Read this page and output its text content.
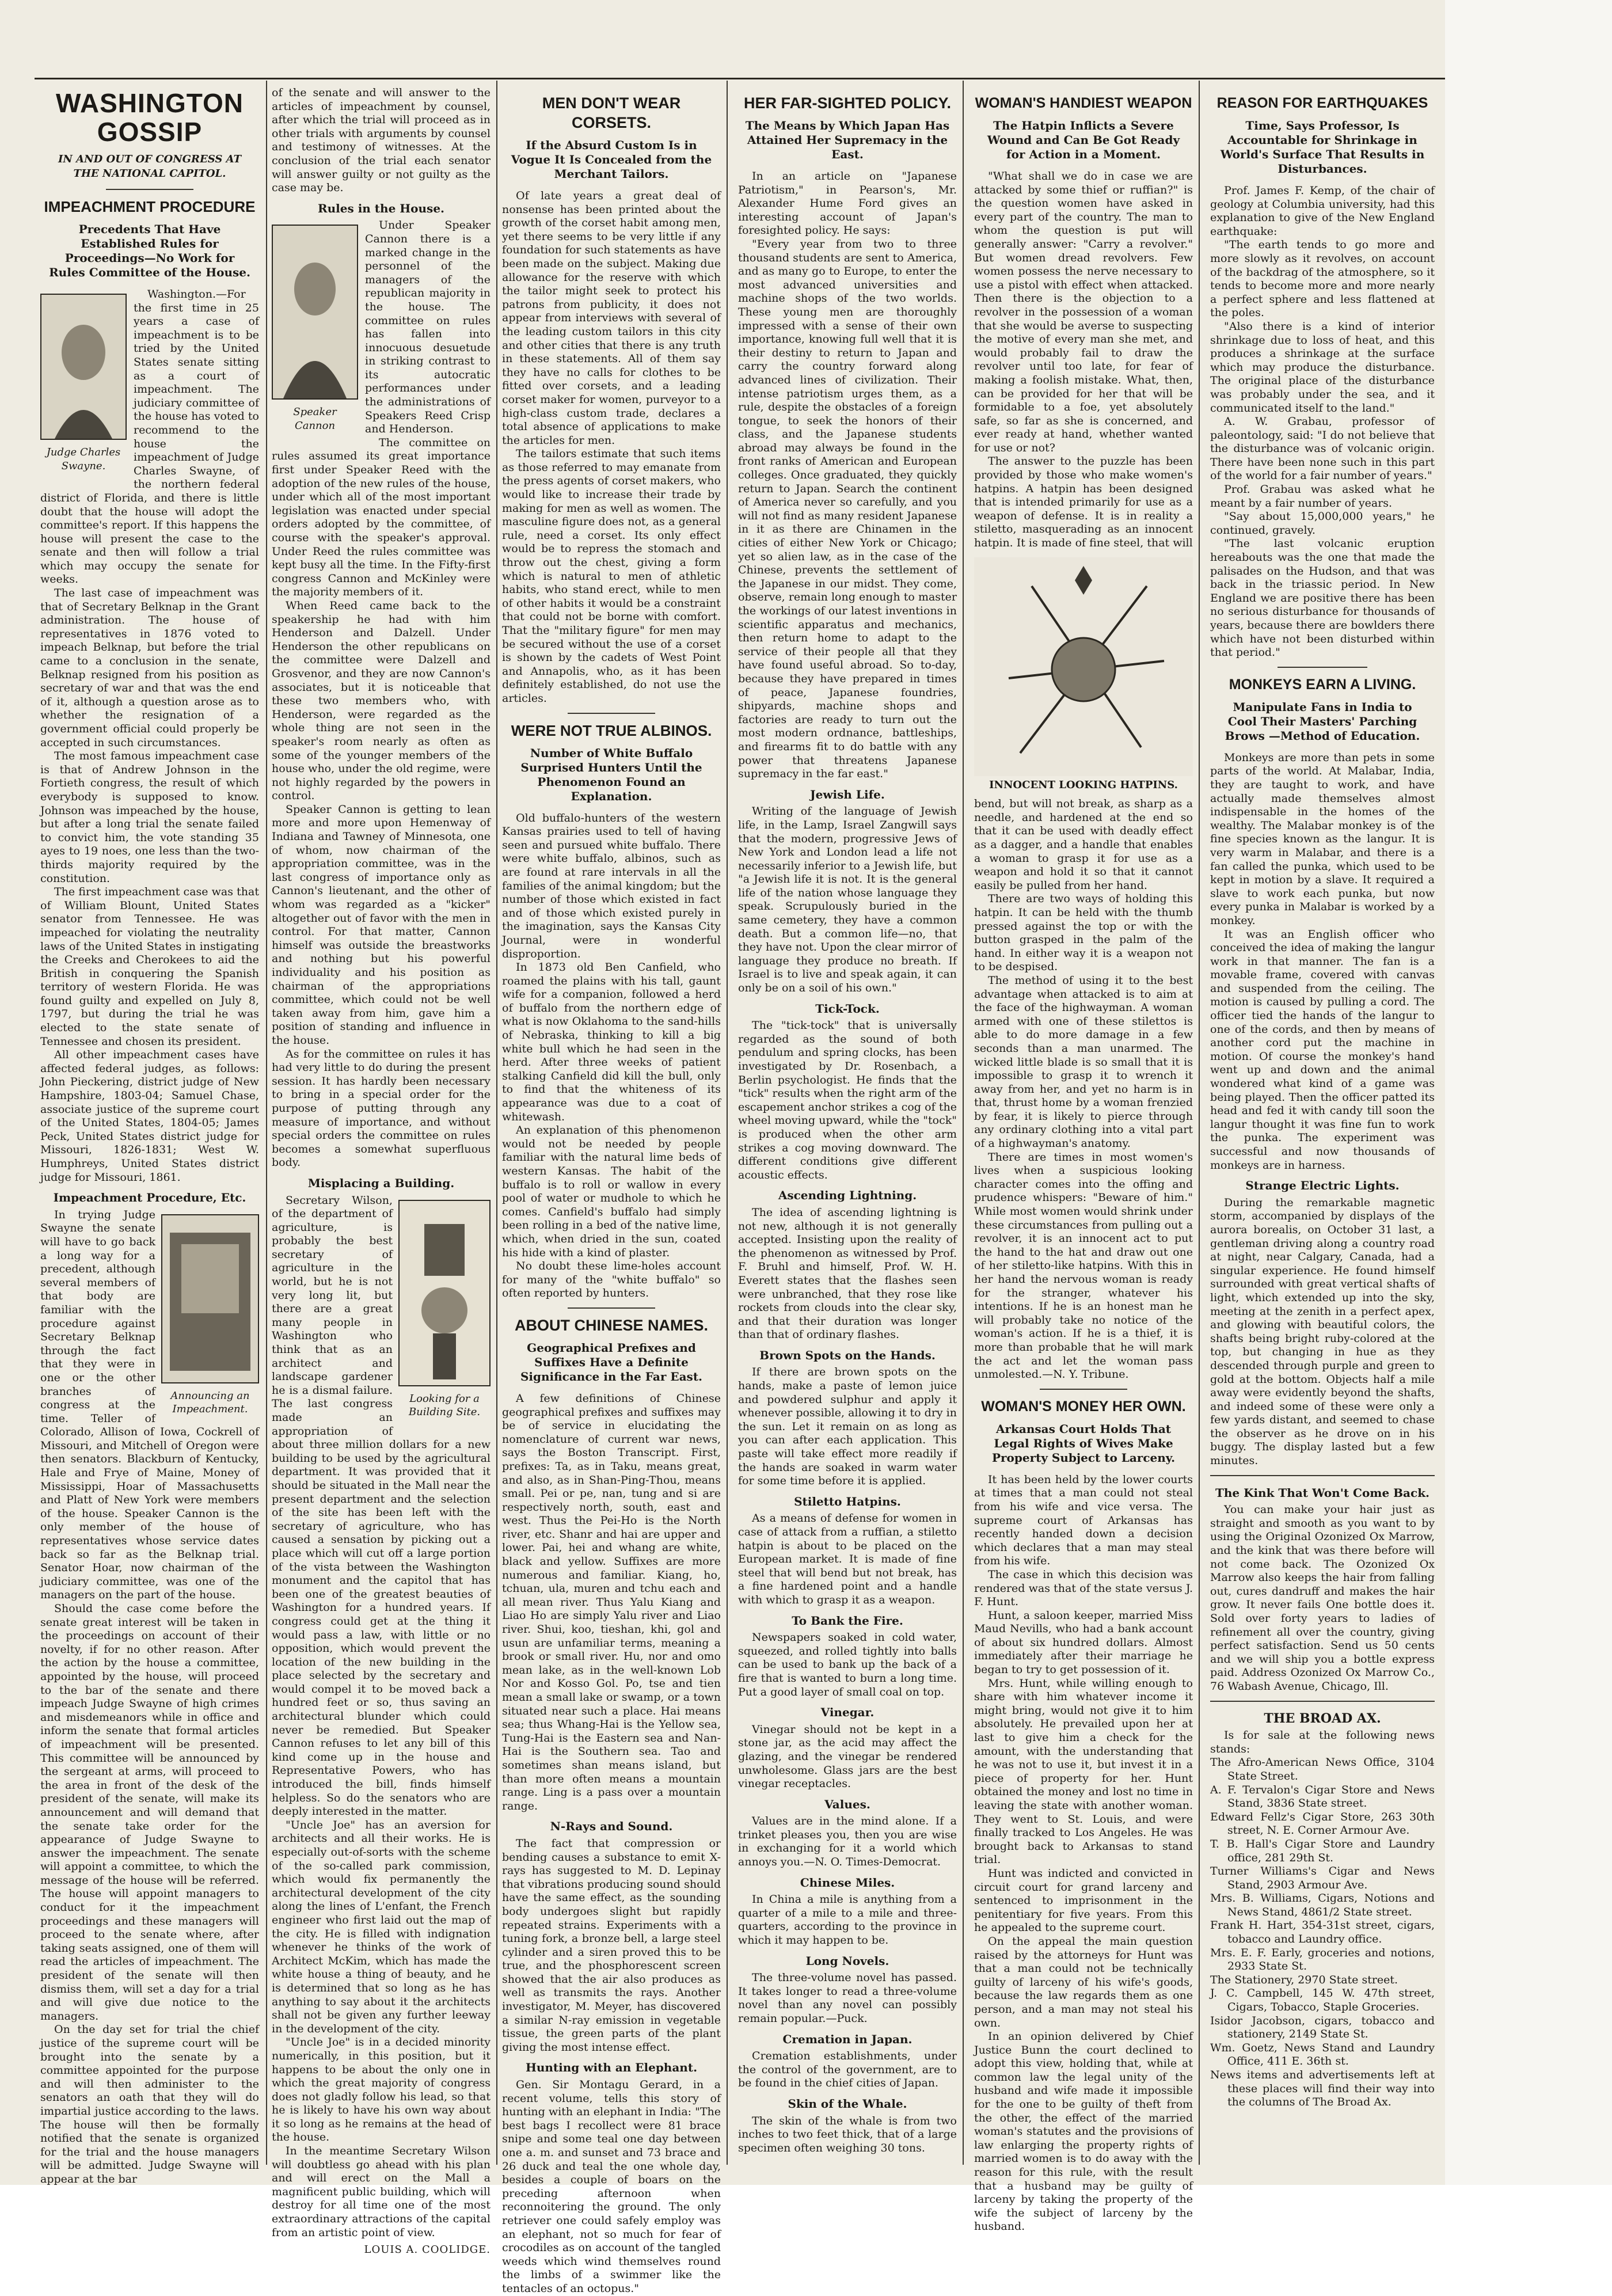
WASHINGTON GOSSIP
IN AND OUT OF CONGRESS AT THE NATIONAL CAPITOL.
IMPEACHMENT PROCEDURE
Precedents That Have Established Rules for Proceedings—No Work for Rules Committee of the House.
Judge Charles Swayne.

Washington.—For the first time in 25 years a case of impeachment is to be tried by the United States senate sitting as a court of impeachment. The judiciary committee of the house has voted to recommend to the house the impeachment of Judge Charles Swayne, of the northern federal district of Florida, and there is little doubt that the house will adopt the committee's report. If this happens the house will present the case to the senate and then will follow a trial which may occupy the senate for weeks.

The last case of impeachment was that of Secretary Belknap in the Grant administration. The house of representatives in 1876 voted to impeach Belknap, but before the trial came to a conclusion in the senate, Belknap resigned from his position as secretary of war and that was the end of it, although a question arose as to whether the resignation of a government official could properly be accepted in such circumstances.

The most famous impeachment case is that of Andrew Johnson in the Fortieth congress, the result of which everybody is supposed to know. Johnson was impeached by the house, but after a long trial the senate failed to convict him, the vote standing 35 ayes to 19 noes, one less than the two-thirds majority required by the constitution.

The first impeachment case was that of William Blount, United States senator from Tennessee. He was impeached for violating the neutrality laws of the United States in instigating the Creeks and Cherokees to aid the British in conquering the Spanish territory of western Florida. He was found guilty and expelled on July 8, 1797, but during the trial he was elected to the state senate of Tennessee and chosen its president.

All other impeachment cases have affected federal judges, as follows: John Pieckering, district judge of New Hampshire, 1803-04; Samuel Chase, associate justice of the supreme court of the United States, 1804-05; James Peck, United States district judge for Missouri, 1826-1831; West W. Humphreys, United States district judge for Missouri, 1861.

Impeachment Procedure, Etc.
Announcing an Impeachment.

In trying Judge Swayne the senate will have to go back a long way for a precedent, although several members of that body are familiar with the procedure against Secretary Belknap through the fact that they were in one or the other branches of congress at the time. Teller of Colorado, Allison of Iowa, Cockrell of Missouri, and Mitchell of Oregon were then senators. Blackburn of Kentucky, Hale and Frye of Maine, Money of Mississippi, Hoar of Massachusetts and Platt of New York were members of the house. Speaker Cannon is the only member of the house of representatives whose service dates back so far as the Belknap trial. Senator Hoar, now chairman of the judiciary committee, was one of the managers on the part of the house.

Should the case come before the senate great interest will be taken in the proceedings on account of their novelty, if for no other reason. After the action by the house a committee, appointed by the house, will proceed to the bar of the senate and there impeach Judge Swayne of high crimes and misdemeanors while in office and inform the senate that formal articles of impeachment will be presented. This committee will be announced by the sergeant at arms, will proceed to the area in front of the desk of the president of the senate, will make its announcement and will demand that the senate take order for the appearance of Judge Swayne to answer the impeachment. The senate will appoint a committee, to which the message of the house will be referred. The house will appoint managers to conduct for it the impeachment proceedings and these managers will proceed to the senate where, after taking seats assigned, one of them will read the articles of impeachment. The president of the senate will then dismiss them, will set a day for a trial and will give due notice to the managers.

On the day set for trial the chief justice of the supreme court will be brought into the senate by a committee appointed for the purpose and will then administer to the senators an oath that they will do impartial justice according to the laws. The house will then be formally notified that the senate is organized for the trial and the house managers will be admitted. Judge Swayne will appear at the bar

of the senate and will answer to the articles of impeachment by counsel, after which the trial will proceed as in other trials with arguments by counsel and testimony of witnesses. At the conclusion of the trial each senator will answer guilty or not guilty as the case may be.

Rules in the House.
Speaker Cannon

Under Speaker Cannon there is a marked change in the personnel of the managers of the republican majority in the house. The committee on rules has fallen into innocuous desuetude in striking contrast to its autocratic performances under the administrations of Speakers Reed Crisp and Henderson.

The committee on rules assumed its great importance first under Speaker Reed with the adoption of the new rules of the house, under which all of the most important legislation was enacted under special orders adopted by the committee, of course with the speaker's approval. Under Reed the rules committee was kept busy all the time. In the Fifty-first congress Cannon and McKinley were the majority members of it.

When Reed came back to the speakership he had with him Henderson and Dalzell. Under Henderson the other republicans on the committee were Dalzell and Grosvenor, and they are now Cannon's associates, but it is noticeable that these two members who, with Henderson, were regarded as the whole thing are not seen in the speaker's room nearly as often as some of the younger members of the house who, under the old regime, were not highly regarded by the powers in control.

Speaker Cannon is getting to lean more and more upon Hemenway of Indiana and Tawney of Minnesota, one of whom, now chairman of the appropriation committee, was in the last congress of importance only as Cannon's lieutenant, and the other of whom was regarded as a "kicker" altogether out of favor with the men in control. For that matter, Cannon himself was outside the breastworks and nothing but his powerful individuality and his position as chairman of the appropriations committee, which could not be well taken away from him, gave him a position of standing and influence in the house.

As for the committee on rules it has had very little to do during the present session. It has hardly been necessary to bring in a special order for the purpose of putting through any measure of importance, and without special orders the committee on rules becomes a somewhat superfluous body.

Misplacing a Building.
Looking for a Building Site.

Secretary Wilson, of the department of agriculture, is probably the best secretary of agriculture in the world, but he is not very long lit, but there are a great many people in Washington who think that as an architect and landscape gardener he is a dismal failure. The last congress made an appropriation of about three million dollars for a new building to be used by the agricultural department. It was provided that it should be situated in the Mall near the present department and the selection of the site has been left with the secretary of agriculture, who has caused a sensation by picking out a place which will cut off a large portion of the vista between the Washington monument and the capitol that has been one of the greatest beauties of Washington for a hundred years. If congress could get at the thing it would pass a law, with little or no opposition, which would prevent the location of the new building in the place selected by the secretary and would compel it to be moved back a hundred feet or so, thus saving an architectural blunder which could never be remedied. But Speaker Cannon refuses to let any bill of this kind come up in the house and Representative Powers, who has introduced the bill, finds himself helpless. So do the senators who are deeply interested in the matter.

"Uncle Joe" has an aversion for architects and all their works. He is especially out-of-sorts with the scheme of the so-called park commission, which would fix permanently the architectural development of the city along the lines of L'enfant, the French engineer who first laid out the map of the city. He is filled with indignation whenever he thinks of the work of Architect McKim, which has made the white house a thing of beauty, and he is determined that so long as he has anything to say about it the architects shall not be given any further leeway in the development of the city.

"Uncle Joe" is in a decided minority numerically, in this position, but it happens to be about the only one in which the great majority of congress does not gladly follow his lead, so that he is likely to have his own way about it so long as he remains at the head of the house.

In the meantime Secretary Wilson will doubtless go ahead with his plan and will erect on the Mall a magnificent public building, which will destroy for all time one of the most extraordinary attractions of the capital from an artistic point of view.

LOUIS A. COOLIDGE.
MEN DON'T WEAR CORSETS.
If the Absurd Custom Is in Vogue It Is Concealed from the Merchant Tailors.

Of late years a great deal of nonsense has been printed about the growth of the corset habit among men, yet there seems to be very little if any foundation for such statements as have been made on the subject. Making due allowance for the reserve with which the tailor might seek to protect his patrons from publicity, it does not appear from interviews with several of the leading custom tailors in this city and other cities that there is any truth in these statements. All of them say they have no calls for clothes to be fitted over corsets, and a leading corset maker for women, purveyor to a high-class custom trade, declares a total absence of applications to make the articles for men.

The tailors estimate that such items as those referred to may emanate from the press agents of corset makers, who would like to increase their trade by making for men as well as women. The masculine figure does not, as a general rule, need a corset. Its only effect would be to repress the stomach and throw out the chest, giving a form which is natural to men of athletic habits, who stand erect, while to men of other habits it would be a constraint that could not be borne with comfort. That the "military figure" for men may be secured without the use of a corset is shown by the cadets of West Point and Annapolis, who, as it has been definitely established, do not use the articles.

WERE NOT TRUE ALBINOS.
Number of White Buffalo Surprised Hunters Until the Phenomenon Found an Explanation.

Old buffalo-hunters of the western Kansas prairies used to tell of having seen and pursued white buffalo. There were white buffalo, albinos, such as are found at rare intervals in all the families of the animal kingdom; but the number of those which existed in fact and of those which existed purely in the imagination, says the Kansas City Journal, were in wonderful disproportion.

In 1873 old Ben Canfield, who roamed the plains with his tall, gaunt wife for a companion, followed a herd of buffalo from the northern edge of what is now Oklahoma to the sand-hills of Nebraska, thinking to kill a big white bull which he had seen in the herd. After three weeks of patient stalking Canfield did kill the bull, only to find that the whiteness of its appearance was due to a coat of whitewash.

An explanation of this phenomenon would not be needed by people familiar with the natural lime beds of western Kansas. The habit of the buffalo is to roll or wallow in every pool of water or mudhole to which he comes. Canfield's buffalo had simply been rolling in a bed of the native lime, which, when dried in the sun, coated his hide with a kind of plaster.

No doubt these lime-holes account for many of the "white buffalo" so often reported by hunters.

ABOUT CHINESE NAMES.
Geographical Prefixes and Suffixes Have a Definite Significance in the Far East.

A few definitions of Chinese geographical prefixes and suffixes may be of service in elucidating the nomenclature of current war news, says the Boston Transcript. First, prefixes: Ta, as in Taku, means great, and also, as in Shan-Ping-Thou, means small. Pei or pe, nan, tung and si are respectively north, south, east and west. Thus the Pei-Ho is the North river, etc. Shanr and hai are upper and lower. Pai, hei and whang are white, black and yellow. Suffixes are more numerous and familiar. Kiang, ho, tchuan, ula, muren and tchu each and all mean river. Thus Yalu Kiang and Liao Ho are simply Yalu river and Liao river. Shui, koo, tieshan, khi, gol and usun are unfamiliar terms, meaning a brook or small river. Hu, nor and omo mean lake, as in the well-known Lob Nor and Kosso Gol. Po, tse and tien mean a small lake or swamp, or a town situated near such a place. Hai means sea; thus Whang-Hai is the Yellow sea, Tung-Hai is the Eastern sea and Nan-Hai is the Southern sea. Tao and sometimes shan means island, but than more often means a mountain range. Ling is a pass over a mountain range.

N-Rays and Sound.

The fact that compression or bending causes a substance to emit X-rays has suggested to M. D. Lepinay that vibrations producing sound should have the same effect, as the sounding body undergoes slight but rapidly repeated strains. Experiments with a tuning fork, a bronze bell, a large steel cylinder and a siren proved this to be true, and the phosphorescent screen showed that the air also produces as well as transmits the rays. Another investigator, M. Meyer, has discovered a similar N-ray emission in vegetable tissue, the green parts of the plant giving the most intense effect.

Hunting with an Elephant.

Gen. Sir Montagu Gerard, in a recent volume, tells this story of hunting with an elephant in India: "The best bags I recollect were 81 brace snipe and some teal one day between one a. m. and sunset and 73 brace and 26 duck and teal the one whole day, besides a couple of boars on the preceding afternoon when reconnoitering the ground. The only retriever one could safely employ was an elephant, not so much for fear of crocodiles as on account of the tangled weeds which wind themselves round the limbs of a swimmer like the tentacles of an octopus."

HER FAR-SIGHTED POLICY.
The Means by Which Japan Has Attained Her Supremacy in the East.

In an article on "Japanese Patriotism," in Pearson's, Mr. Alexander Hume Ford gives an interesting account of Japan's foresighted policy. He says:

"Every year from two to three thousand students are sent to America, and as many go to Europe, to enter the most advanced universities and machine shops of the two worlds. These young men are thoroughly impressed with a sense of their own importance, knowing full well that it is their destiny to return to Japan and carry the country forward along advanced lines of civilization. Their intense patriotism urges them, as a rule, despite the obstacles of a foreign tongue, to seek the honors of their class, and the Japanese students abroad may always be found in the front ranks of American and European colleges. Once graduated, they quickly return to Japan. Search the continent of America never so carefully, and you will not find as many resident Japanese in it as there are Chinamen in the cities of either New York or Chicago; yet so alien law, as in the case of the Chinese, prevents the settlement of the Japanese in our midst. They come, observe, remain long enough to master the workings of our latest inventions in scientific apparatus and mechanics, then return home to adapt to the service of their people all that they have found useful abroad. So to-day, because they have prepared in times of peace, Japanese foundries, shipyards, machine shops and factories are ready to turn out the most modern ordnance, battleships, and firearms fit to do battle with any power that threatens Japanese supremacy in the far east."

Jewish Life.

Writing of the language of Jewish life, in the Lamp, Israel Zangwill says that the modern, progressive Jews of New York and London lead a life not necessarily inferior to a Jewish life, but "a Jewish life it is not. It is the general life of the nation whose language they speak. Scrupulously buried in the same cemetery, they have a common death. But a common life—no, that they have not. Upon the clear mirror of language they produce no breath. If Israel is to live and speak again, it can only be on a soil of his own."

Tick-Tock.

The "tick-tock" that is universally regarded as the sound of both pendulum and spring clocks, has been investigated by Dr. Rosenbach, a Berlin psychologist. He finds that the "tick" results when the right arm of the escapement anchor strikes a cog of the wheel moving upward, while the "tock" is produced when the other arm strikes a cog moving downward. The different conditions give different acoustic effects.

Ascending Lightning.

The idea of ascending lightning is not new, although it is not generally accepted. Insisting upon the reality of the phenomenon as witnessed by Prof. F. Bruhl and himself, Prof. W. H. Everett states that the flashes seen were unbranched, that they rose like rockets from clouds into the clear sky, and that their duration was longer than that of ordinary flashes.

Brown Spots on the Hands.

If there are brown spots on the hands, make a paste of lemon juice and powdered sulphur and apply it whenever possible, allowing it to dry in the sun. Let it remain on as long as you can after each application. This paste will take effect more readily if the hands are soaked in warm water for some time before it is applied.

Stiletto Hatpins.

As a means of defense for women in case of attack from a ruffian, a stiletto hatpin is about to be placed on the European market. It is made of fine steel that will bend but not break, has a fine hardened point and a handle with which to grasp it as a weapon.

To Bank the Fire.

Newspapers soaked in cold water, squeezed, and rolled tightly into balls can be used to bank up the back of a fire that is wanted to burn a long time. Put a good layer of small coal on top.

Vinegar.

Vinegar should not be kept in a stone jar, as the acid may affect the glazing, and the vinegar be rendered unwholesome. Glass jars are the best vinegar receptacles.

Values.

Values are in the mind alone. If a trinket pleases you, then you are wise in exchanging for it a world which annoys you.—N. O. Times-Democrat.

Chinese Miles.

In China a mile is anything from a quarter of a mile to a mile and three-quarters, according to the province in which it may happen to be.

Long Novels.

The three-volume novel has passed. It takes longer to read a three-volume novel than any novel can possibly remain popular.—Puck.

Cremation in Japan.

Cremation establishments, under the control of the government, are to be found in the chief cities of Japan.

Skin of the Whale.

The skin of the whale is from two inches to two feet thick, that of a large specimen often weighing 30 tons.

WOMAN'S HANDIEST WEAPON
The Hatpin Inflicts a Severe Wound and Can Be Got Ready for Action in a Moment.

"What shall we do in case we are attacked by some thief or ruffian?" is the question women have asked in every part of the country. The man to whom the question is put will generally answer: "Carry a revolver." But women dread revolvers. Few women possess the nerve necessary to use a pistol with effect when attacked. Then there is the objection to a revolver in the possession of a woman that she would be averse to suspecting the motive of every man she met, and would probably fail to draw the revolver until too late, for fear of making a foolish mistake. What, then, can be provided for her that will be formidable to a foe, yet absolutely safe, so far as she is concerned, and ever ready at hand, whether wanted for use or not?

The answer to the puzzle has been provided by those who make women's hatpins. A hatpin has been designed that is intended primarily for use as a weapon of defense. It is in reality a stiletto, masquerading as an innocent hatpin. It is made of fine steel, that will

INNOCENT LOOKING HATPINS.

bend, but will not break, as sharp as a needle, and hardened at the end so that it can be used with deadly effect as a dagger, and a handle that enables a woman to grasp it for use as a weapon and hold it so that it cannot easily be pulled from her hand.

There are two ways of holding this hatpin. It can be held with the thumb pressed against the top or with the button grasped in the palm of the hand. In either way it is a weapon not to be despised.

The method of using it to the best advantage when attacked is to aim at the face of the highwayman. A woman armed with one of these stilettos is able to do more damage in a few seconds than a man unarmed. The wicked little blade is so small that it is impossible to grasp it to wrench it away from her, and yet no harm is in that, thrust home by a woman frenzied by fear, it is likely to pierce through any ordinary clothing into a vital part of a highwayman's anatomy.

There are times in most women's lives when a suspicious looking character comes into the offing and prudence whispers: "Beware of him." While most women would shrink under these circumstances from pulling out a revolver, it is an innocent act to put the hand to the hat and draw out one of her stiletto-like hatpins. With this in her hand the nervous woman is ready for the stranger, whatever his intentions. If he is an honest man he will probably take no notice of the woman's action. If he is a thief, it is more than probable that he will mark the act and let the woman pass unmolested.—N. Y. Tribune.

WOMAN'S MONEY HER OWN.
Arkansas Court Holds That Legal Rights of Wives Make Property Subject to Larceny.

It has been held by the lower courts at times that a man could not steal from his wife and vice versa. The supreme court of Arkansas has recently handed down a decision which declares that a man may steal from his wife.

The case in which this decision was rendered was that of the state versus J. F. Hunt.

Hunt, a saloon keeper, married Miss Maud Nevills, who had a bank account of about six hundred dollars. Almost immediately after their marriage he began to try to get possession of it.

Mrs. Hunt, while willing enough to share with him whatever income it might bring, would not give it to him absolutely. He prevailed upon her at last to give him a check for the amount, with the understanding that he was not to use it, but invest it in a piece of property for her. Hunt obtained the money and lost no time in leaving the state with another woman. They went to St. Louis, and were finally tracked to Los Angeles. He was brought back to Arkansas to stand trial.

Hunt was indicted and convicted in circuit court for grand larceny and sentenced to imprisonment in the penitentiary for five years. From this he appealed to the supreme court.

On the appeal the main question raised by the attorneys for Hunt was that a man could not be technically guilty of larceny of his wife's goods, because the law regards them as one person, and a man may not steal his own.

In an opinion delivered by Chief Justice Bunn the court declined to adopt this view, holding that, while at common law the legal unity of the husband and wife made it impossible for the one to be guilty of theft from the other, the effect of the married woman's statutes and the provisions of law enlarging the property rights of married women is to do away with the reason for this rule, with the result that a husband may be guilty of larceny by taking the property of the wife the subject of larceny by the husband.

REASON FOR EARTHQUAKES
Time, Says Professor, Is Accountable for Shrinkage in World's Surface That Results in Disturbances.

Prof. James F. Kemp, of the chair of geology at Columbia university, had this explanation to give of the New England earthquake:

"The earth tends to go more and more slowly as it revolves, on account of the backdrag of the atmosphere, so it tends to become more and more nearly a perfect sphere and less flattened at the poles.

"Also there is a kind of interior shrinkage due to loss of heat, and this produces a shrinkage at the surface which may produce the disturbance. The original place of the disturbance was probably under the sea, and it communicated itself to the land."

A. W. Grabau, professor of paleontology, said: "I do not believe that the disturbance was of volcanic origin. There have been none such in this part of the world for a fair number of years."

Prof. Grabau was asked what he meant by a fair number of years.

"Say about 15,000,000 years," he continued, gravely.

"The last volcanic eruption hereabouts was the one that made the palisades on the Hudson, and that was back in the triassic period. In New England we are positive there has been no serious disturbance for thousands of years, because there are bowlders there which have not been disturbed within that period."

MONKEYS EARN A LIVING.
Manipulate Fans in India to Cool Their Masters' Parching Brows —Method of Education.

Monkeys are more than pets in some parts of the world. At Malabar, India, they are taught to work, and have actually made themselves almost indispensable in the homes of the wealthy. The Malabar monkey is of the fine species known as the langur. It is very warm in Malabar, and there is a fan called the punka, which used to be kept in motion by a slave. It required a slave to work each punka, but now every punka in Malabar is worked by a monkey.

It was an English officer who conceived the idea of making the langur work in that manner. The fan is a movable frame, covered with canvas and suspended from the ceiling. The motion is caused by pulling a cord. The officer tied the hands of the langur to one of the cords, and then by means of another cord put the machine in motion. Of course the monkey's hand went up and down and the animal wondered what kind of a game was being played. Then the officer patted its head and fed it with candy till soon the langur thought it was fine fun to work the punka. The experiment was successful and now thousands of monkeys are in harness.

Strange Electric Lights.

During the remarkable magnetic storm, accompanied by displays of the aurora borealis, on October 31 last, a gentleman driving along a country road at night, near Calgary, Canada, had a singular experience. He found himself surrounded with great vertical shafts of light, which extended up into the sky, meeting at the zenith in a perfect apex, and glowing with beautiful colors, the shafts being bright ruby-colored at the top, but changing in hue as they descended through purple and green to gold at the bottom. Objects half a mile away were evidently beyond the shafts, and indeed some of these were only a few yards distant, and seemed to chase the observer as he drove on in his buggy. The display lasted but a few minutes.

The Kink That Won't Come Back.

You can make your hair just as straight and smooth as you want to by using the Original Ozonized Ox Marrow, and the kink that was there before will not come back. The Ozonized Ox Marrow also keeps the hair from falling out, cures dandruff and makes the hair grow. It never fails One bottle does it. Sold over forty years to ladies of refinement all over the country, giving perfect satisfaction. Send us 50 cents and we will ship you a bottle express paid. Address Ozonized Ox Marrow Co., 76 Wabash Avenue, Chicago, Ill.

THE BROAD AX.

Is for sale at the following news stands:

The Afro-American News Office, 3104 State Street.

A. F. Tervalon's Cigar Store and News Stand, 3836 State street.

Edward Fellz's Cigar Store, 263 30th street, N. E. Corner Armour Ave.

T. B. Hall's Cigar Store and Laundry office, 281 29th St.

Turner Williams's Cigar and News Stand, 2903 Armour Ave.

Mrs. B. Williams, Cigars, Notions and News Stand, 4861/2 State street.

Frank H. Hart, 354-31st street, cigars, tobacco and Laundry office.

Mrs. E. F. Early, groceries and notions, 2933 State St.

The Stationery, 2970 State street.

J. C. Campbell, 145 W. 47th street, Cigars, Tobacco, Staple Groceries.

Isidor Jacobson, cigars, tobacco and stationery, 2149 State St.

Wm. Goetz, News Stand and Laundry Office, 411 E. 36th st.

News items and advertisements left at these places will find their way into the columns of The Broad Ax.
